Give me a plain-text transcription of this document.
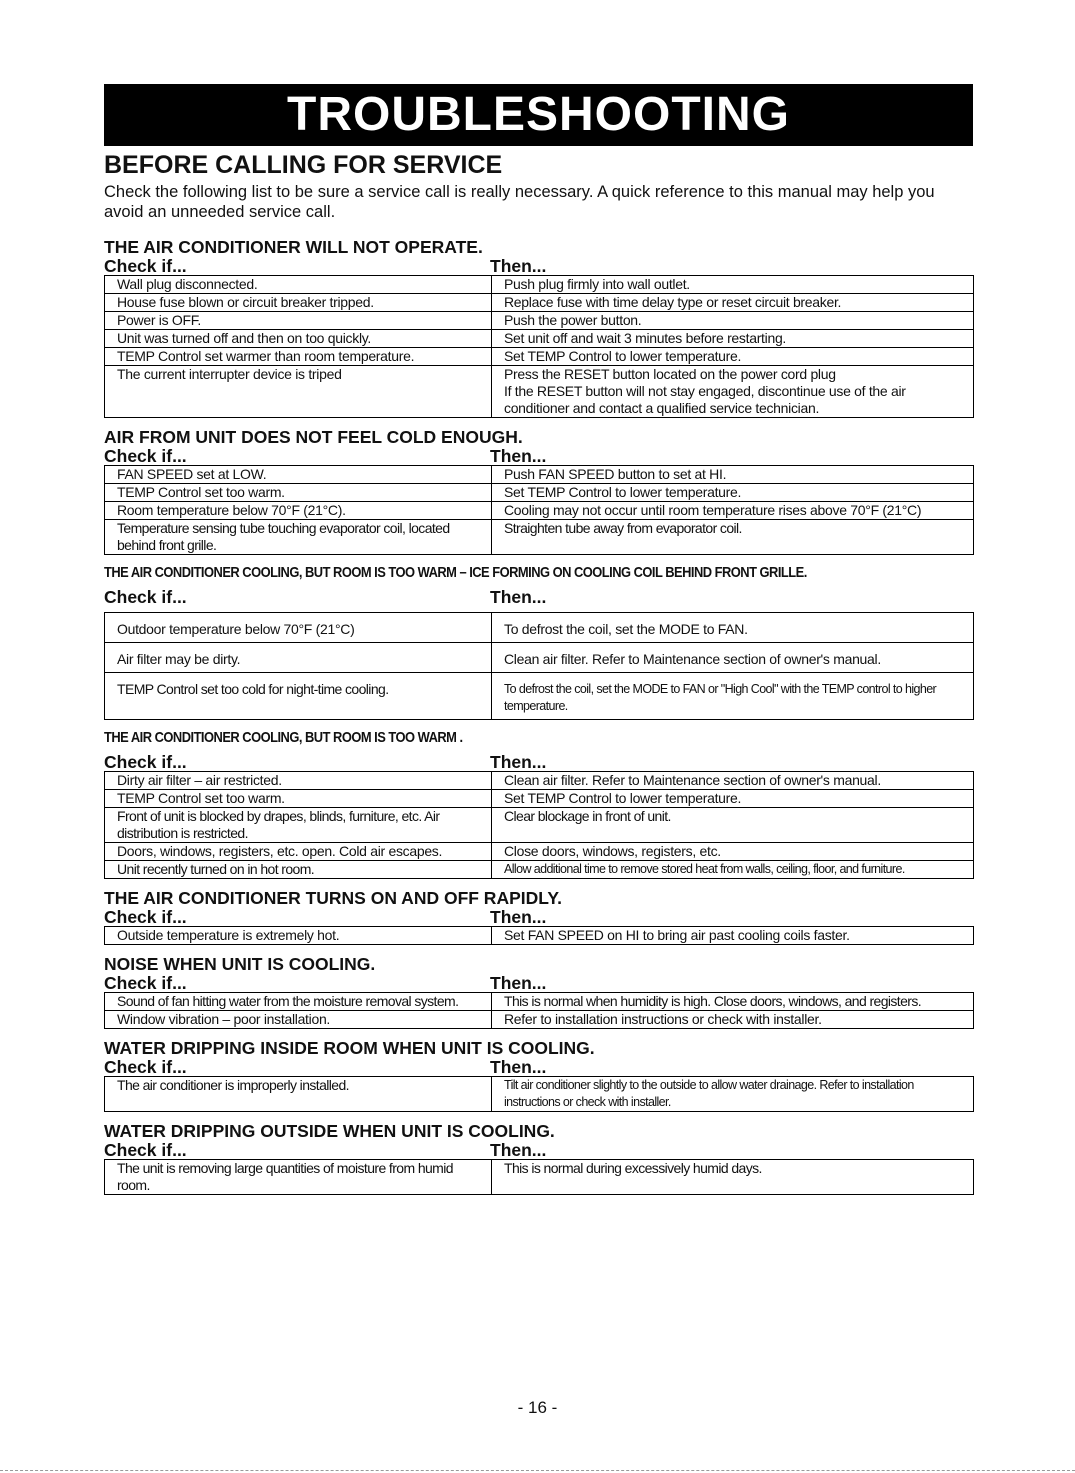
TROUBLESHOOTING
BEFORE CALLING FOR SERVICE

Check the following list to be sure a service call is really necessary. A quick reference to this manual may help you avoid an unneeded service call.

THE AIR CONDITIONER WILL NOT OPERATE.
Check if...	Then...
Wall plug disconnected.	Push plug firmly into wall outlet.
House fuse blown or circuit breaker tripped.	Replace fuse with time delay type or reset circuit breaker.
Power is OFF.	Push the power button.
Unit was turned off and then on too quickly.	Set unit off and wait 3 minutes before restarting.
TEMP Control set warmer than room temperature.	Set TEMP Control to lower temperature.
The current interrupter device is triped	Press the RESET button located on the power cord plug
If the RESET button will not stay engaged, discontinue use of the air conditioner and contact a qualified service technician.
AIR FROM UNIT DOES NOT FEEL COLD ENOUGH.
Check if...	Then...
FAN SPEED set at LOW.	Push FAN SPEED button to set at HI.
TEMP Control set too warm.	Set TEMP Control to lower temperature.
Room temperature below 70°F (21°C).	Cooling may not occur until room temperature rises above 70°F (21°C)
Temperature sensing tube touching evaporator coil, located behind front grille.	Straighten tube away from evaporator coil.
THE AIR CONDITIONER COOLING, BUT ROOM IS TOO WARM – ICE FORMING ON COOLING COIL BEHIND FRONT GRILLE.
Check if...	Then...
Outdoor temperature below 70°F (21°C)	To defrost the coil, set the MODE to FAN.
Air filter may be dirty.	Clean air filter. Refer to Maintenance section of owner's manual.
TEMP Control set too cold for night-time cooling.	To defrost the coil, set the MODE to FAN or "High Cool" with the TEMP control to higher temperature.
THE AIR CONDITIONER COOLING, BUT ROOM IS TOO WARM .
Check if...	Then...
Dirty air filter – air restricted.	Clean air filter. Refer to Maintenance section of owner's manual.
TEMP Control set too warm.	Set TEMP Control to lower temperature.
Front of unit is blocked by drapes, blinds, furniture, etc. Air distribution is restricted.	Clear blockage in front of unit.
Doors, windows, registers, etc. open. Cold air escapes.	Close doors, windows, registers, etc.
Unit recently turned on in hot room.	Allow additional time to remove stored heat from walls, ceiling, floor, and furniture.
THE AIR CONDITIONER TURNS ON AND OFF RAPIDLY.
Check if...	Then...
Outside temperature is extremely hot.	Set FAN SPEED on HI to bring air past cooling coils faster.
NOISE WHEN UNIT IS COOLING.
Check if...	Then...
Sound of fan hitting water from the moisture removal system.	This is normal when humidity is high. Close doors, windows, and registers.
Window vibration – poor installation.	Refer to installation instructions or check with installer.
WATER DRIPPING INSIDE ROOM WHEN UNIT IS COOLING.
Check if...	Then...
The air conditioner is improperly installed.	Tilt air conditioner slightly to the outside to allow water drainage. Refer to installation instructions or check with installer.
WATER DRIPPING OUTSIDE WHEN UNIT IS COOLING.
Check if...	Then...
The unit is removing large quantities of moisture from humid room.	This is normal during excessively humid days.
- 16 -
